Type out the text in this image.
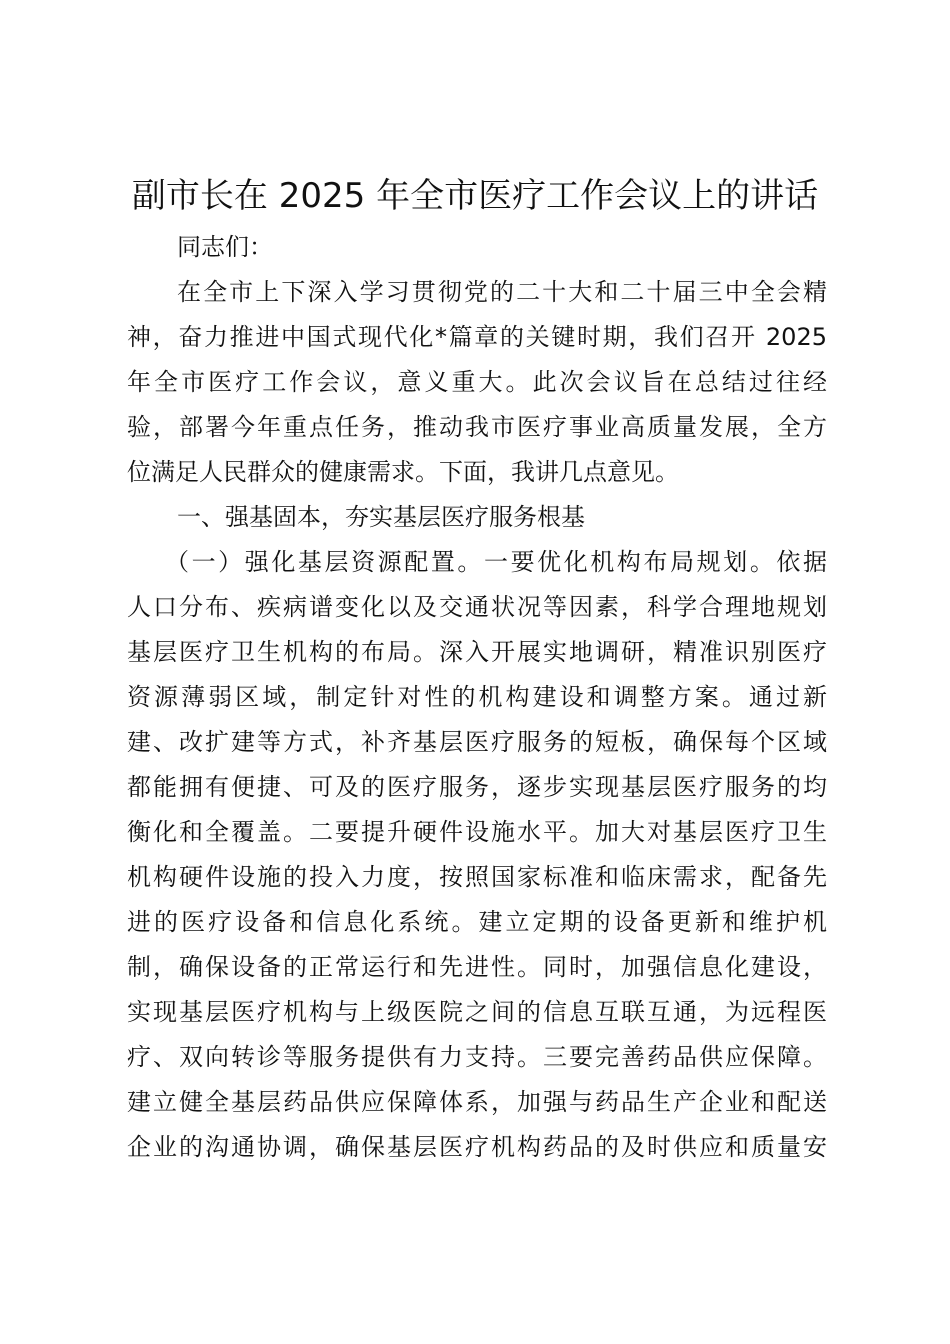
副市长在 2025 年全市医疗工作会议上的讲话

同志们：

在全市上下深入学习贯彻党的二十大和二十届三中全会精

神，奋力推进中国式现代化*篇章的关键时期，我们召开 2025

年全市医疗工作会议，意义重大。此次会议旨在总结过往经

验，部署今年重点任务，推动我市医疗事业高质量发展，全方

位满足人民群众的健康需求。下面，我讲几点意见。

一、强基固本，夯实基层医疗服务根基

（一）强化基层资源配置。一要优化机构布局规划。依据

人口分布、疾病谱变化以及交通状况等因素，科学合理地规划

基层医疗卫生机构的布局。深入开展实地调研，精准识别医疗

资源薄弱区域，制定针对性的机构建设和调整方案。通过新

建、改扩建等方式，补齐基层医疗服务的短板，确保每个区域

都能拥有便捷、可及的医疗服务，逐步实现基层医疗服务的均

衡化和全覆盖。二要提升硬件设施水平。加大对基层医疗卫生

机构硬件设施的投入力度，按照国家标准和临床需求，配备先

进的医疗设备和信息化系统。建立定期的设备更新和维护机

制，确保设备的正常运行和先进性。同时，加强信息化建设，

实现基层医疗机构与上级医院之间的信息互联互通，为远程医

疗、双向转诊等服务提供有力支持。三要完善药品供应保障。

建立健全基层药品供应保障体系，加强与药品生产企业和配送

企业的沟通协调，确保基层医疗机构药品的及时供应和质量安
